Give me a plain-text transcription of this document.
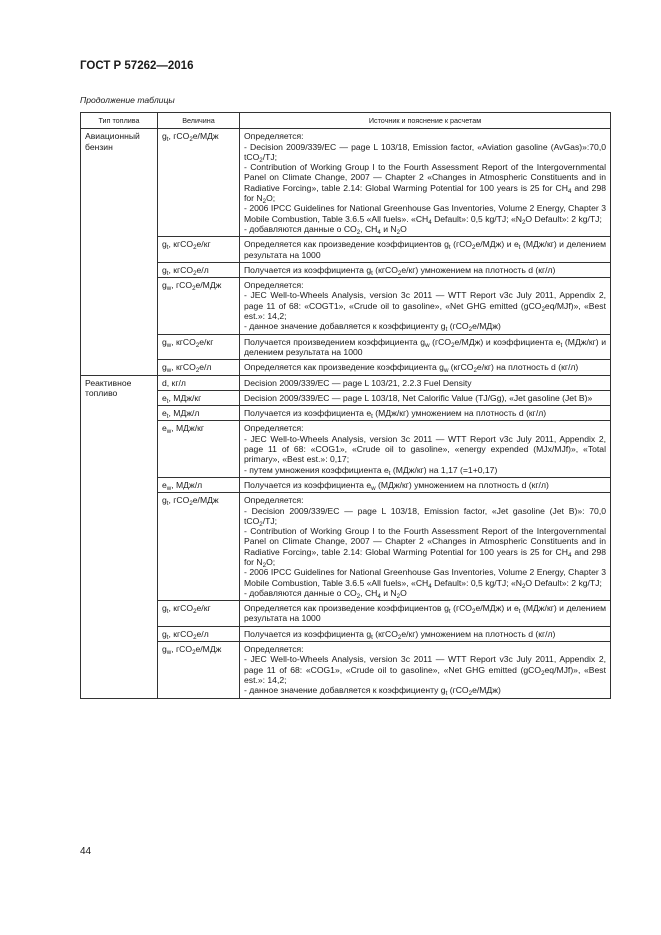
ГОСТ Р 57262—2016
Продолжение таблицы
Тип топлива	Величина	Источник и пояснение к расчетам
Авиационный бензин	$g_t$, гCO$_2$e/МДж	Определяется:
- Decision 2009/339/EC — page L 103/18, Emission factor, «Aviation gasoline (AvGas)»:70,0 tCO$_2$/TJ;
- Contribution of Working Group I to the Fourth Assessment Report of the Intergovernmental Panel on Climate Change, 2007 — Chapter 2 «Changes in Atmospheric Constituents and in Radiative Forcing», table 2.14: Global Warming Potential for 100 years is 25 for $CH_4$ and 298 for $N_2O$;
- 2006 IPCC Guidelines for National Greenhouse Gas Inventories, Volume 2 Energy, Chapter 3 Mobile Combustion, Table 3.6.5 «All fuels». «$CH_4$ Default»: 0,5 kg/TJ; «$N_2O$ Default»: 2 kg/TJ;
- добавляются данные о $CO_2$, $CH_4$ и $N_2O$
	$g_t$, кгCO$_2$e/кг	Определяется как произведение коэффициентов $g_t$ (гCO$_2$e/МДж) и $e_t$ (МДж/кг) и делением результата на 1000
	$g_t$, кгCO$_2$e/л	Получается из коэффициента $g_t$ (кгCO$_2$e/кг) умножением на плотность d (кг/л)
	$g_w$, гCO$_2$e/МДж	Определяется:
- JEC Well-to-Wheels Analysis, version 3c 2011 — WTT Report v3c July 2011, Appendix 2, page 11 of 68: «COGT1», «Crude oil to gasoline», «Net GHG emitted (gCO$_2$eq/MJf)», «Best est.»: 14,2;
- данное значение добавляется к коэффициенту $g_t$ (гCO$_2$e/МДж)
	$g_w$, кгCO$_2$e/кг	Получается произведением коэффициента $g_w$ (гCO$_2$e/МДж) и коэффициента $e_t$ (МДж/кг) и делением результата на 1000
	$g_w$, кгCO$_2$e/л	Определяется как произведение коэффициента $g_w$ (кгCO$_2$e/кг) на плотность d (кг/л)
Реактивное топливо	d, кг/л	Decision 2009/339/EC — page L 103/21, 2.2.3 Fuel Density
	$e_t$, МДж/кг	Decision 2009/339/EC — page L 103/18, Net Calorific Value (TJ/Gg), «Jet gasoline (Jet B)»
	$e_t$, МДж/л	Получается из коэффициента $e_t$ (МДж/кг) умножением на плотность d (кг/л)
	$e_w$, МДж/кг	Определяется:
- JEC Well-to-Wheels Analysis, version 3c 2011 — WTT Report v3c July 2011, Appendix 2, page 11 of 68: «COG1», «Crude oil to gasoline», «energy expended (MJx/MJf)», «Total primary», «Best est.»: 0,17;
- путем умножения коэффициента $e_t$ (МДж/кг) на 1,17 (=1+0,17)
	$e_w$, МДж/л	Получается из коэффициента $e_w$ (МДж/кг) умножением на плотность d (кг/л)
	$g_t$, гCO$_2$e/МДж	Определяется:
- Decision 2009/339/EC — page L 103/18, Emission factor, «Jet gasoline (Jet B)»: 70,0 tCO$_2$/TJ;
- Contribution of Working Group I to the Fourth Assessment Report of the Intergovernmental Panel on Climate Change, 2007 — Chapter 2 «Changes in Atmospheric Constituents and in Radiative Forcing», table 2.14: Global Warming Potential for 100 years is 25 for $CH_4$ and 298 for $N_2O$;
- 2006 IPCC Guidelines for National Greenhouse Gas Inventories, Volume 2 Energy, Chapter 3 Mobile Combustion, Table 3.6.5 «All fuels», «$CH_4$ Default»: 0,5 kg/TJ; «$N_2O$ Default»: 2 kg/TJ;
- добавляются данные о $CO_2$, $CH_4$ и $N_2O$
	$g_t$, кгCO$_2$e/кг	Определяется как произведение коэффициентов $g_t$ (гCO$_2$e/МДж) и $e_t$ (МДж/кг) и делением результата на 1000
	$g_t$, кгCO$_2$e/л	Получается из коэффициента $g_t$ (кгCO$_2$e/кг) умножением на плотность d (кг/л)
	$g_w$, гCO$_2$e/МДж	Определяется:
- JEC Well-to-Wheels Analysis, version 3c 2011 — WTT Report v3c July 2011, Appendix 2, page 11 of 68: «COG1», «Crude oil to gasoline», «Net GHG emitted (gCO$_2$eq/MJf)», «Best est.»: 14,2;
- данное значение добавляется к коэффициенту $g_t$ (гCO$_2$e/МДж)
44
